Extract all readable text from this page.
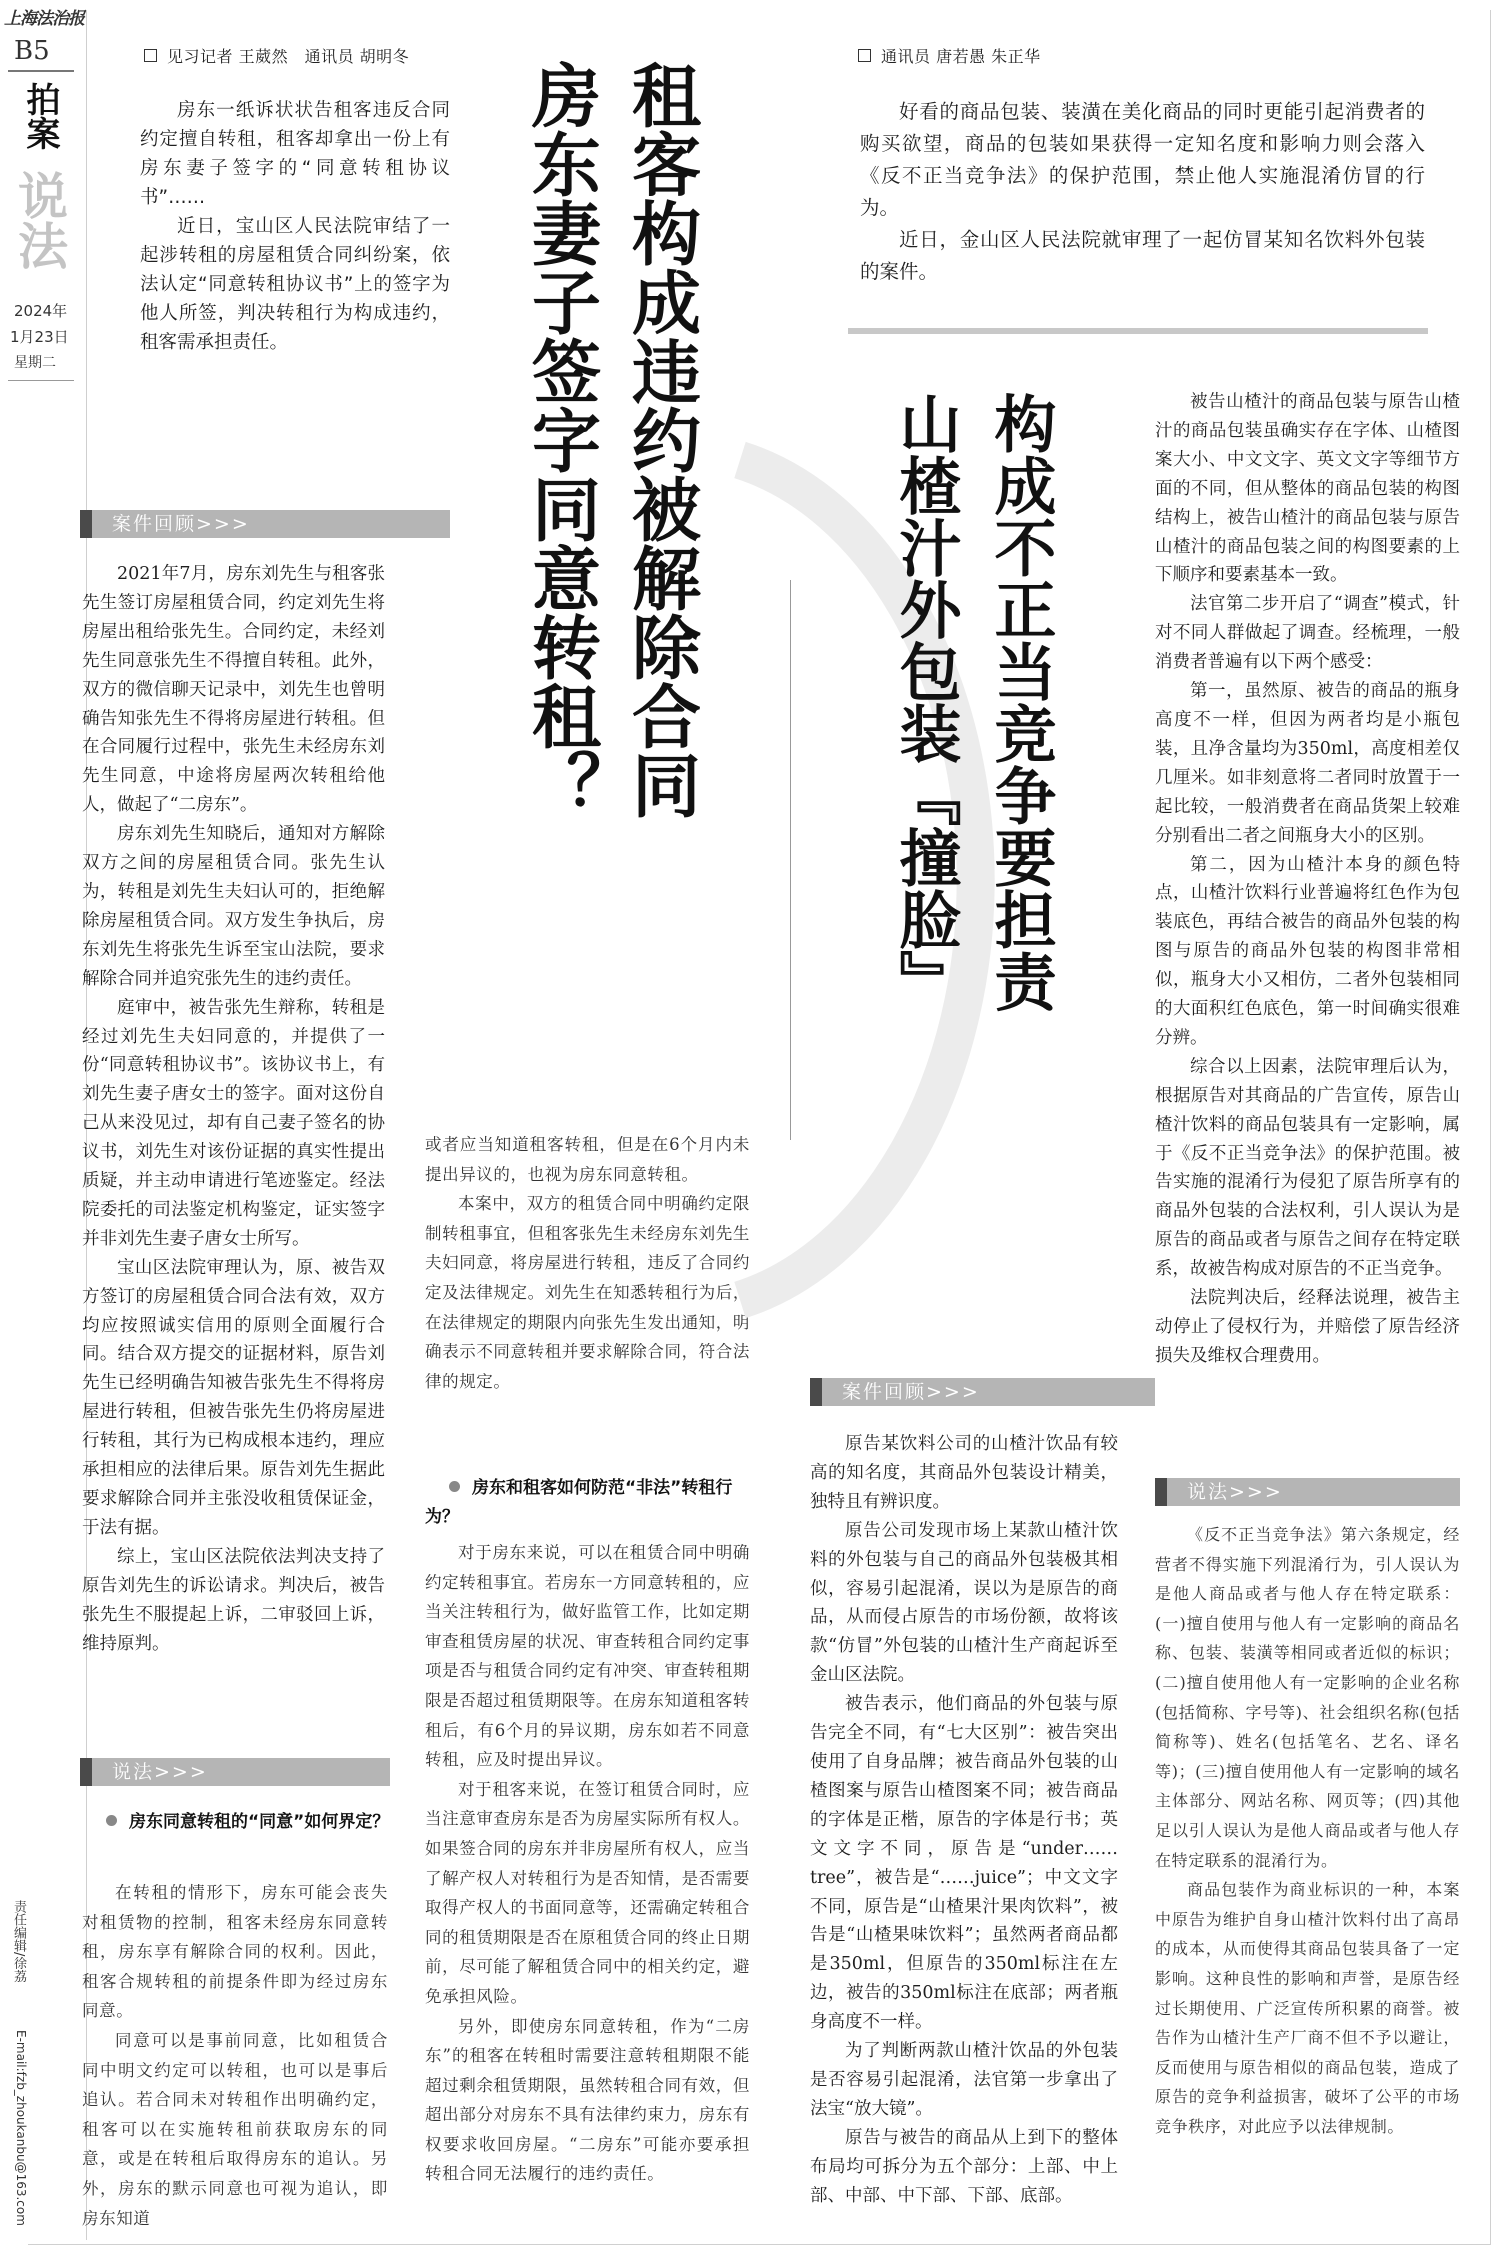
上海法治报
B5
拍案
说法
2024年
1月23日
星期二
责任编辑/徐荔
E-mail:fzb_zhoukanbu@163.com
见习记者 王葳然　通讯员 胡明冬

房东一纸诉状状告租客违反合同约定擅自转租，租客却拿出一份上有房东妻子签字的“同意转租协议书”……

近日，宝山区人民法院审结了一起涉转租的房屋租赁合同纠纷案，依法认定“同意转租协议书”上的签字为他人所签，判决转租行为构成违约，租客需承担责任。	租客构成违约被解除合同
房东妻子签字同意转租？
案件回顾>>>

2021年7月，房东刘先生与租客张先生签订房屋租赁合同，约定刘先生将房屋出租给张先生。合同约定，未经刘先生同意张先生不得擅自转租。此外，双方的微信聊天记录中，刘先生也曾明确告知张先生不得将房屋进行转租。但在合同履行过程中，张先生未经房东刘先生同意，中途将房屋两次转租给他人，做起了“二房东”。

房东刘先生知晓后，通知对方解除双方之间的房屋租赁合同。张先生认为，转租是刘先生夫妇认可的，拒绝解除房屋租赁合同。双方发生争执后，房东刘先生将张先生诉至宝山法院，要求解除合同并追究张先生的违约责任。

庭审中，被告张先生辩称，转租是经过刘先生夫妇同意的，并提供了一份“同意转租协议书”。该协议书上，有刘先生妻子唐女士的签字。面对这份自己从来没见过，却有自己妻子签名的协议书，刘先生对该份证据的真实性提出质疑，并主动申请进行笔迹鉴定。经法院委托的司法鉴定机构鉴定，证实签字并非刘先生妻子唐女士所写。

宝山区法院审理认为，原、被告双方签订的房屋租赁合同合法有效，双方均应按照诚实信用的原则全面履行合同。结合双方提交的证据材料，原告刘先生已经明确告知被告张先生不得将房屋进行转租，但被告张先生仍将房屋进行转租，其行为已构成根本违约，理应承担相应的法律后果。原告刘先生据此要求解除合同并主张没收租赁保证金，于法有据。

综上，宝山区法院依法判决支持了原告刘先生的诉讼请求。判决后，被告张先生不服提起上诉，二审驳回上诉，维持原判。

说法>>>
房东同意转租的“同意”如何界定？

在转租的情形下，房东可能会丧失对租赁物的控制，租客未经房东同意转租，房东享有解除合同的权利。因此，租客合规转租的前提条件即为经过房东同意。

同意可以是事前同意，比如租赁合同中明文约定可以转租，也可以是事后追认。若合同未对转租作出明确约定，租客可以在实施转租前获取房东的同意，或是在转租后取得房东的追认。另外，房东的默示同意也可视为追认，即房东知道

或者应当知道租客转租，但是在6个月内未提出异议的，也视为房东同意转租。

本案中，双方的租赁合同中明确约定限制转租事宜，但租客张先生未经房东刘先生夫妇同意，将房屋进行转租，违反了合同约定及法律规定。刘先生在知悉转租行为后，在法律规定的期限内向张先生发出通知，明确表示不同意转租并要求解除合同，符合法律的规定。

房东和租客如何防范“非法”转租行为？

对于房东来说，可以在租赁合同中明确约定转租事宜。若房东一方同意转租的，应当关注转租行为，做好监管工作，比如定期审查租赁房屋的状况、审查转租合同约定事项是否与租赁合同约定有冲突、审查转租期限是否超过租赁期限等。在房东知道租客转租后，有6个月的异议期，房东如若不同意转租，应及时提出异议。

对于租客来说，在签订租赁合同时，应当注意审查房东是否为房屋实际所有权人。如果签合同的房东并非房屋所有权人，应当了解产权人对转租行为是否知情，是否需要取得产权人的书面同意等，还需确定转租合同的租赁期限是否在原租赁合同的终止日期前，尽可能了解租赁合同中的相关约定，避免承担风险。

另外，即使房东同意转租，作为“二房东”的租客在转租时需要注意转租期限不能超过剩余租赁期限，虽然转租合同有效，但超出部分对房东不具有法律约束力，房东有权要求收回房屋。“二房东”可能亦要承担转租合同无法履行的违约责任。

通讯员 唐若愚 朱正华

好看的商品包装、装潢在美化商品的同时更能引起消费者的购买欲望，商品的包装如果获得一定知名度和影响力则会落入《反不正当竞争法》的保护范围，禁止他人实施混淆仿冒的行为。

近日，金山区人民法院就审理了一起仿冒某知名饮料外包装的案件。

构成不正当竞争要担责
山楂汁外包装『撞脸』
案件回顾>>>

原告某饮料公司的山楂汁饮品有较高的知名度，其商品外包装设计精美，独特且有辨识度。

原告公司发现市场上某款山楂汁饮料的外包装与自己的商品外包装极其相似，容易引起混淆，误以为是原告的商品，从而侵占原告的市场份额，故将该款“仿冒”外包装的山楂汁生产商起诉至金山区法院。

被告表示，他们商品的外包装与原告完全不同，有“七大区别”：被告突出使用了自身品牌；被告商品外包装的山楂图案与原告山楂图案不同；被告商品的字体是正楷，原告的字体是行书；英文文字不同，原告是“under……tree”，被告是“……juice”；中文文字不同，原告是“山楂果汁果肉饮料”，被告是“山楂果味饮料”；虽然两者商品都是350ml，但原告的350ml标注在左边，被告的350ml标注在底部；两者瓶身高度不一样。

为了判断两款山楂汁饮品的外包装是否容易引起混淆，法官第一步拿出了法宝“放大镜”。

原告与被告的商品从上到下的整体布局均可拆分为五个部分：上部、中上部、中部、中下部、下部、底部。

被告山楂汁的商品包装与原告山楂汁的商品包装虽确实存在字体、山楂图案大小、中文文字、英文文字等细节方面的不同，但从整体的商品包装的构图结构上，被告山楂汁的商品包装与原告山楂汁的商品包装之间的构图要素的上下顺序和要素基本一致。

法官第二步开启了“调查”模式，针对不同人群做起了调查。经梳理，一般消费者普遍有以下两个感受：

第一，虽然原、被告的商品的瓶身高度不一样，但因为两者均是小瓶包装，且净含量均为350ml，高度相差仅几厘米。如非刻意将二者同时放置于一起比较，一般消费者在商品货架上较难分别看出二者之间瓶身大小的区别。

第二，因为山楂汁本身的颜色特点，山楂汁饮料行业普遍将红色作为包装底色，再结合被告的商品外包装的构图与原告的商品外包装的构图非常相似，瓶身大小又相仿，二者外包装相同的大面积红色底色，第一时间确实很难分辨。

综合以上因素，法院审理后认为，根据原告对其商品的广告宣传，原告山楂汁饮料的商品包装具有一定影响，属于《反不正当竞争法》的保护范围。被告实施的混淆行为侵犯了原告所享有的商品外包装的合法权利，引人误认为是原告的商品或者与原告之间存在特定联系，故被告构成对原告的不正当竞争。

法院判决后，经释法说理，被告主动停止了侵权行为，并赔偿了原告经济损失及维权合理费用。

说法>>>

《反不正当竞争法》第六条规定，经营者不得实施下列混淆行为，引人误认为是他人商品或者与他人存在特定联系：(一)擅自使用与他人有一定影响的商品名称、包装、装潢等相同或者近似的标识；(二)擅自使用他人有一定影响的企业名称(包括简称、字号等)、社会组织名称(包括简称等)、姓名(包括笔名、艺名、译名等)；(三)擅自使用他人有一定影响的域名主体部分、网站名称、网页等；(四)其他足以引人误认为是他人商品或者与他人存在特定联系的混淆行为。

商品包装作为商业标识的一种，本案中原告为维护自身山楂汁饮料付出了高昂的成本，从而使得其商品包装具备了一定影响。这种良性的影响和声誉，是原告经过长期使用、广泛宣传所积累的商誉。被告作为山楂汁生产厂商不但不予以避让，反而使用与原告相似的商品包装，造成了原告的竞争利益损害，破坏了公平的市场竞争秩序，对此应予以法律规制。
